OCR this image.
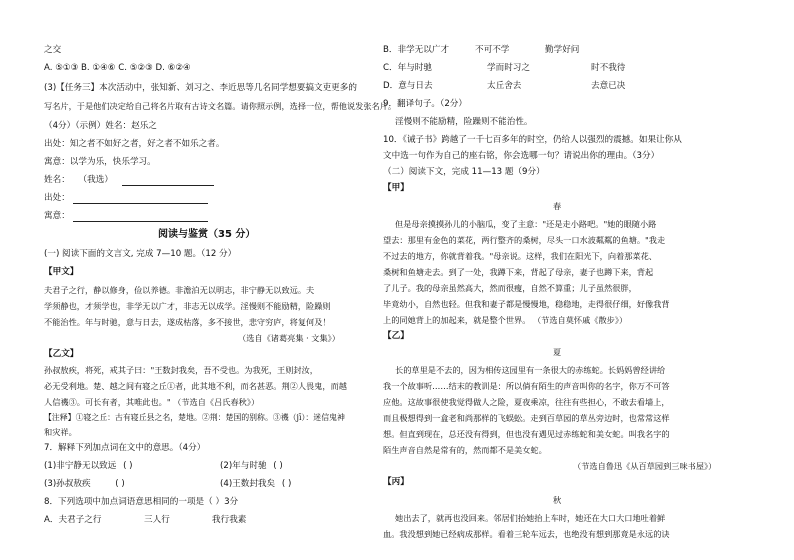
之交
A. ⑤①③ B. ①④⑥ C. ⑤②③ D. ⑥②④
(3)【任务三】本次活动中，张知新、刘习之、李近思等几名同学想要搞文吏更多的
写名片，于是他们决定给自己将名片取有古诗文名篇。请你照示例，选择一位，帮他说发张名片。
（4分）（示例）姓名：赵乐之
出处：知之者不如好之者，好之者不如乐之者。
寓意：以学为乐，快乐学习。
姓名： （我选）
出处：
寓意：
阅读与鉴赏（35 分）
(一) 阅读下面的文言文, 完成 7—10 题。（12 分）
【甲文】
夫君子之行，静以修身，俭以养德。非澹泊无以明志，非宁静无以致远。夫
学须静也，才须学也，非学无以广才，非志无以成学。淫慢则不能励精，险躁则
不能治性。年与时驰，意与日去，遂成枯落，多不接世，悲守穷庐，将复何及！
（选自《诸葛亮集 · 文集》）
【乙文】
孙叔敖疾，将死，戒其子曰："王数封我矣，吾不受也。为我死，王则封汝，
必无受利地。楚、越之间有寝之丘①者，此其地不利，而名甚恶。荆②人畏鬼，而越
人信禨③。可长有者，其唯此也。" （节选自《吕氏春秋》）
【注释】①寝之丘：古有寝丘县之名，楚地。②荆：楚国的别称。③禨（jī）：迷信鬼神
和灾祥。
7．解释下列加点词在文中的意思。（4分）
(1)非宁静无以致远 ( )	(2)年与时驰 ( )
(3)孙叔敖疾	( )	(4)王数封我矣 ( )
8．下列选项中加点词语意思相同的一项是（ ）3分
A．夫君子之行	三人行	我行我素
B．非学无以广才	不可不学	勤学好问
C．年与时驰	学而时习之	时不我待
D．意与日去	太丘舍去	去意已决
9．翻译句子。（2分）
淫慢则不能励精，险躁则不能治性。
10．《诫子书》跨越了一千七百多年的时空，仍给人以强烈的震撼。如果让你从
文中选一句作为自己的座右铭，你会选哪一句？请说出你的理由。（3分）
（二）阅读下文，完成 11—13 题（9分）
【甲】
春
但是母亲摸摸孙儿的小脑瓜，变了主意："还是走小路吧。"她的眼随小路
望去：那里有金色的菜花，两行整齐的桑树，尽头一口水波粼粼的鱼塘。"我走
不过去的地方，你就背着我。"母亲说。这样，我们在阳光下，向着那菜花、
桑树和鱼塘走去。到了一处，我蹲下来，背起了母亲，妻子也蹲下来，背起
了儿子。我的母亲虽然高大，然而很瘦，自然不算重；儿子虽然很胖，
毕竟幼小，自然也轻。但我和妻子都是慢慢地，稳稳地，走得很仔细，好像我背
上的同她背上的加起来，就是整个世界。 （节选自莫怀戚《散步》）
【乙】
夏
长的草里是不去的，因为相传这园里有一条很大的赤练蛇。长妈妈曾经讲给
我一个故事听……结末的教训是：所以倘有陌生的声音叫你的名字，你万不可答
应他。这故事很使我觉得做人之险，夏夜乘凉，往往有些担心，不敢去看墙上，
而且极想得到一盒老和尚那样的飞蜈蚣。走到百草园的草丛旁边时，也常常这样
想。但直到现在，总还没有得到，但也没有遇见过赤练蛇和美女蛇。叫我名字的
陌生声音自然是常有的，然而都不是美女蛇。
（节选自鲁迅《从百草园到三味书屋》）
【丙】
秋
她出去了，就再也没回来。邻居们抬她抬上车时，她还在大口大口地吐着鲜
血。我没想到她已经病成那样。看着三轮车远去，也绝没有想到那竟是永远的诀
